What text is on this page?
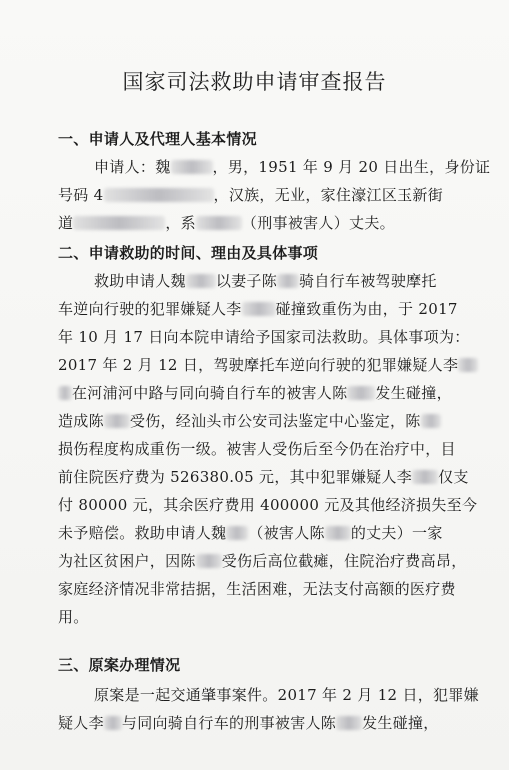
国家司法救助申请审查报告
一、申请人及代理人基本情况
申请人：魏	，男，1951 年 9 月 20 日出生，身份证
号码 4	，汉族，无业，家住濠江区玉新街
道	，系	（刑事被害人）丈夫。
二、申请救助的时间、理由及具体事项
救助申请人魏 以妻子陈 骑自行车被驾驶摩托
车逆向行驶的犯罪嫌疑人李 碰撞致重伤为由，于 2017
年 10 月 17 日向本院申请给予国家司法救助。具体事项为：
2017 年 2 月 12 日，驾驶摩托车逆向行驶的犯罪嫌疑人李
在河浦河中路与同向骑自行车的被害人陈 发生碰撞，
造成陈 受伤，经汕头市公安司法鉴定中心鉴定，陈
损伤程度构成重伤一级。被害人受伤后至今仍在治疗中，目
前住院医疗费为 526380.05 元，其中犯罪嫌疑人李 仅支
付 80000 元，其余医疗费用 400000 元及其他经济损失至今
未予赔偿。救助申请人魏 （被害人陈 的丈夫）一家
为社区贫困户，因陈 受伤后高位截瘫，住院治疗费高昂，
家庭经济情况非常拮据，生活困难，无法支付高额的医疗费
用。
三、原案办理情况
原案是一起交通肇事案件。2017 年 2 月 12 日，犯罪嫌
疑人李 与同向骑自行车的刑事被害人陈 发生碰撞，
